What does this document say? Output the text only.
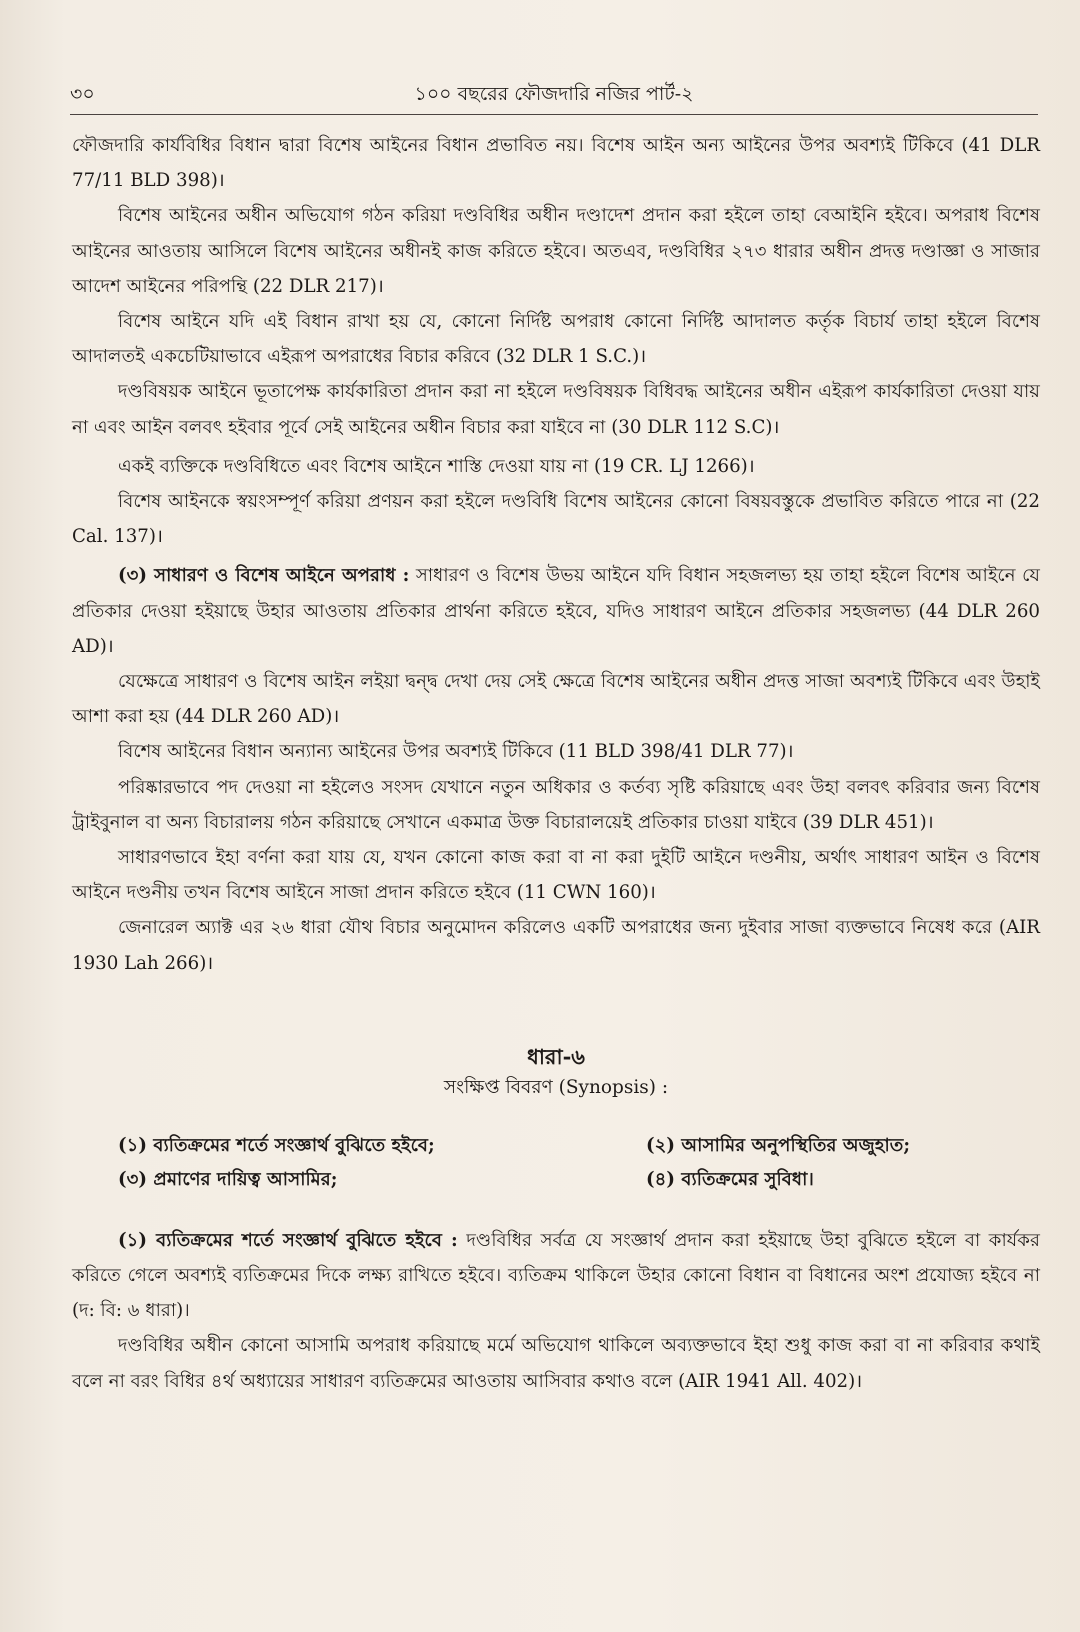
৩০	১০০ বছরের ফৌজদারি নজির পার্ট-২

ফৌজদারি কার্যবিধির বিধান দ্বারা বিশেষ আইনের বিধান প্রভাবিত নয়। বিশেষ আইন অন্য আইনের উপর অবশ্যই টিকিবে (41 DLR 77/11 BLD 398)।

বিশেষ আইনের অধীন অভিযোগ গঠন করিয়া দণ্ডবিধির অধীন দণ্ডাদেশ প্রদান করা হইলে তাহা বেআইনি হইবে। অপরাধ বিশেষ আইনের আওতায় আসিলে বিশেষ আইনের অধীনই কাজ করিতে হইবে। অতএব, দণ্ডবিধির ২৭৩ ধারার অধীন প্রদত্ত দণ্ডাজ্ঞা ও সাজার আদেশ আইনের পরিপন্থি (22 DLR 217)।

বিশেষ আইনে যদি এই বিধান রাখা হয় যে, কোনো নির্দিষ্ট অপরাধ কোনো নির্দিষ্ট আদালত কর্তৃক বিচার্য তাহা হইলে বিশেষ আদালতই একচেটিয়াভাবে এইরূপ অপরাধের বিচার করিবে (32 DLR 1 S.C.)।

দণ্ডবিষয়ক আইনে ভূতাপেক্ষ কার্যকারিতা প্রদান করা না হইলে দণ্ডবিষয়ক বিধিবদ্ধ আইনের অধীন এইরূপ কার্যকারিতা দেওয়া যায় না এবং আইন বলবৎ হইবার পূর্বে সেই আইনের অধীন বিচার করা যাইবে না (30 DLR 112 S.C)।

একই ব্যক্তিকে দণ্ডবিধিতে এবং বিশেষ আইনে শাস্তি দেওয়া যায় না (19 CR. LJ 1266)।

বিশেষ আইনকে স্বয়ংসম্পূর্ণ করিয়া প্রণয়ন করা হইলে দণ্ডবিধি বিশেষ আইনের কোনো বিষয়বস্তুকে প্রভাবিত করিতে পারে না (22 Cal. 137)।

(৩) সাধারণ ও বিশেষ আইনে অপরাধ : সাধারণ ও বিশেষ উভয় আইনে যদি বিধান সহজলভ্য হয় তাহা হইলে বিশেষ আইনে যে প্রতিকার দেওয়া হইয়াছে উহার আওতায় প্রতিকার প্রার্থনা করিতে হইবে, যদিও সাধারণ আইনে প্রতিকার সহজলভ্য (44 DLR 260 AD)।

যেক্ষেত্রে সাধারণ ও বিশেষ আইন লইয়া দ্বন্দ্ব দেখা দেয় সেই ক্ষেত্রে বিশেষ আইনের অধীন প্রদত্ত সাজা অবশ্যই টিকিবে এবং উহাই আশা করা হয় (44 DLR 260 AD)।

বিশেষ আইনের বিধান অন্যান্য আইনের উপর অবশ্যই টিকিবে (11 BLD 398/41 DLR 77)।

পরিষ্কারভাবে পদ দেওয়া না হইলেও সংসদ যেখানে নতুন অধিকার ও কর্তব্য সৃষ্টি করিয়াছে এবং উহা বলবৎ করিবার জন্য বিশেষ ট্রাইবুনাল বা অন্য বিচারালয় গঠন করিয়াছে সেখানে একমাত্র উক্ত বিচারালয়েই প্রতিকার চাওয়া যাইবে (39 DLR 451)।

সাধারণভাবে ইহা বর্ণনা করা যায় যে, যখন কোনো কাজ করা বা না করা দুইটি আইনে দণ্ডনীয়, অর্থাৎ সাধারণ আইন ও বিশেষ আইনে দণ্ডনীয় তখন বিশেষ আইনে সাজা প্রদান করিতে হইবে (11 CWN 160)।

জেনারেল অ্যাক্ট এর ২৬ ধারা যৌথ বিচার অনুমোদন করিলেও একটি অপরাধের জন্য দুইবার সাজা ব্যক্তভাবে নিষেধ করে (AIR 1930 Lah 266)।

ধারা-৬
সংক্ষিপ্ত বিবরণ (Synopsis) :
(১) ব্যতিক্রমের শর্তে সংজ্ঞার্থ বুঝিতে হইবে;	(২) আসামির অনুপস্থিতির অজুহাত;
(৩) প্রমাণের দায়িত্ব আসামির;	(৪) ব্যতিক্রমের সুবিধা।

(১) ব্যতিক্রমের শর্তে সংজ্ঞার্থ বুঝিতে হইবে : দণ্ডবিধির সর্বত্র যে সংজ্ঞার্থ প্রদান করা হইয়াছে উহা বুঝিতে হইলে বা কার্যকর করিতে গেলে অবশ্যই ব্যতিক্রমের দিকে লক্ষ্য রাখিতে হইবে। ব্যতিক্রম থাকিলে উহার কোনো বিধান বা বিধানের অংশ প্রযোজ্য হইবে না (দ: বি: ৬ ধারা)।

দণ্ডবিধির অধীন কোনো আসামি অপরাধ করিয়াছে মর্মে অভিযোগ থাকিলে অব্যক্তভাবে ইহা শুধু কাজ করা বা না করিবার কথাই বলে না বরং বিধির ৪র্থ অধ্যায়ের সাধারণ ব্যতিক্রমের আওতায় আসিবার কথাও বলে (AIR 1941 All. 402)।
